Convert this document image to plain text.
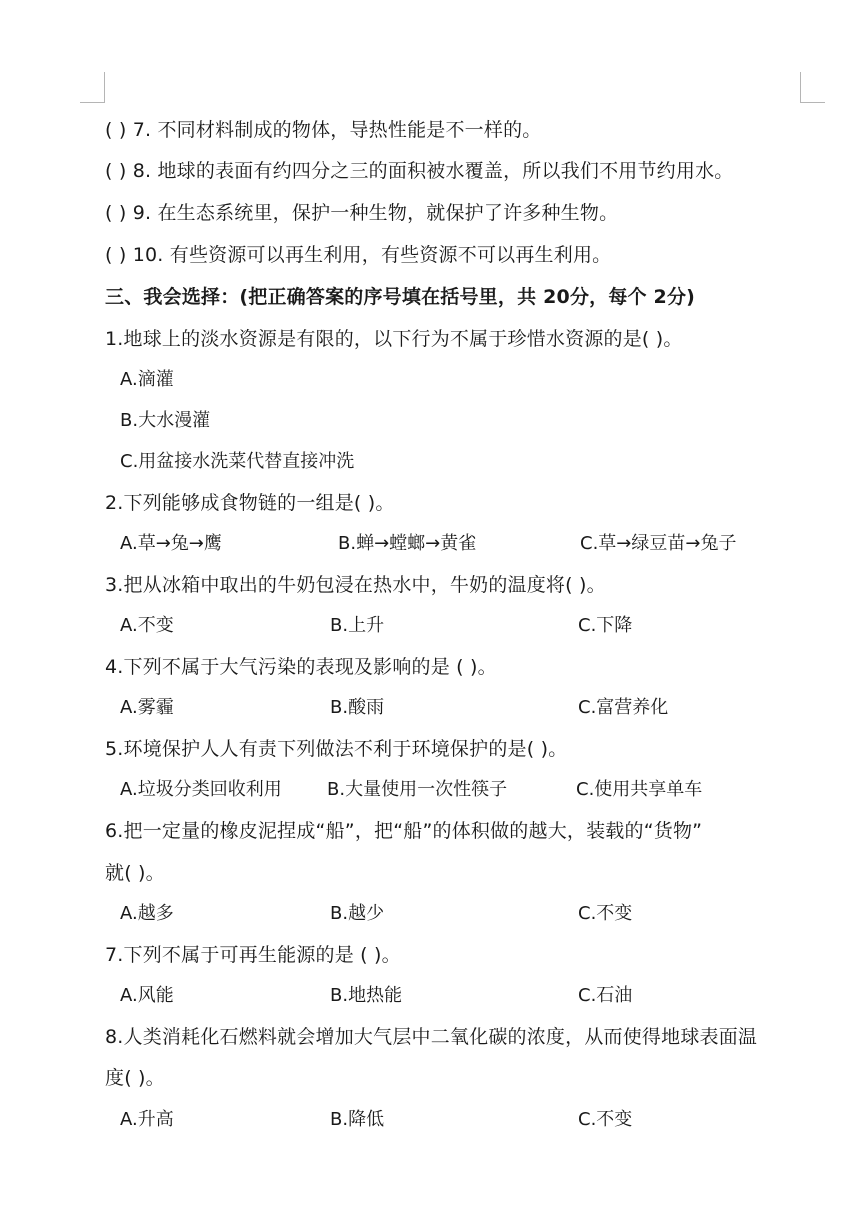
( ) 7. 不同材料制成的物体，导热性能是不一样的。
( ) 8. 地球的表面有约四分之三的面积被水覆盖，所以我们不用节约用水。
( ) 9. 在生态系统里，保护一种生物，就保护了许多种生物。
( ) 10. 有些资源可以再生利用，有些资源不可以再生利用。
三、我会选择：(把正确答案的序号填在括号里，共 20分，每个 2分)
1.地球上的淡水资源是有限的，以下行为不属于珍惜水资源的是( )。
A.滴灌
B.大水漫灌
C.用盆接水洗菜代替直接冲洗
2.下列能够成食物链的一组是( )。
A.草→兔→鹰	B.蝉→螳螂→黄雀	C.草→绿豆苗→兔子
3.把从冰箱中取出的牛奶包浸在热水中，牛奶的温度将( )。
A.不变	B.上升	C.下降
4.下列不属于大气污染的表现及影响的是 ( )。
A.雾霾	B.酸雨	C.富营养化
5.环境保护人人有责下列做法不利于环境保护的是( )。
A.垃圾分类回收利用	B.大量使用一次性筷子	C.使用共享单车
6.把一定量的橡皮泥捏成“船”，把“船”的体积做的越大，装载的“货物”
就( )。
A.越多	B.越少	C.不变
7.下列不属于可再生能源的是 ( )。
A.风能	B.地热能	C.石油
8.人类消耗化石燃料就会增加大气层中二氧化碳的浓度，从而使得地球表面温
度( )。
A.升高	B.降低	C.不变
